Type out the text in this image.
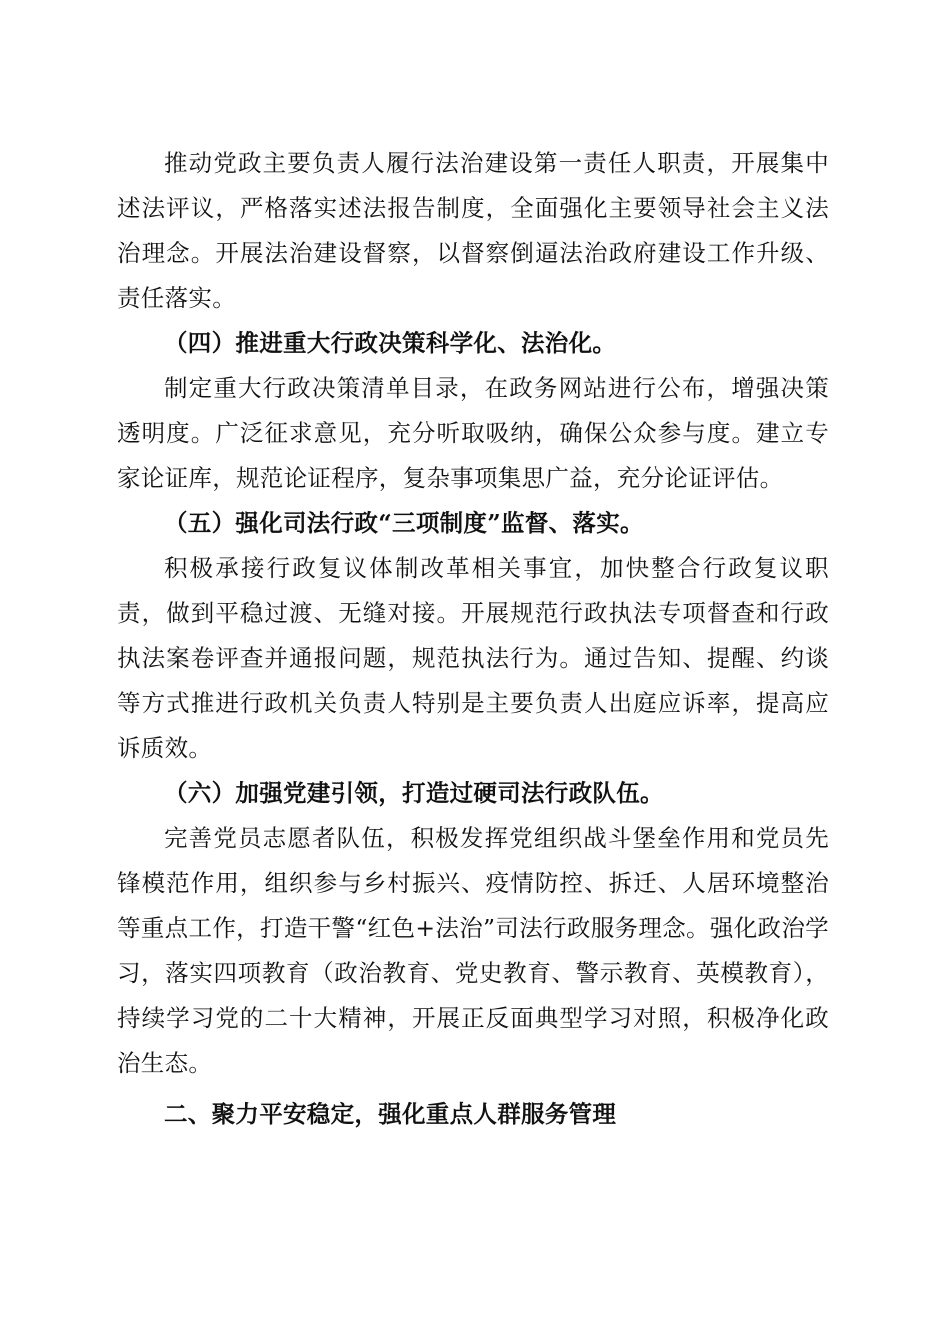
推动党政主要负责人履行法治建设第一责任人职责，开展集中述法评议，严格落实述法报告制度，全面强化主要领导社会主义法治理念。开展法治建设督察，以督察倒逼法治政府建设工作升级、责任落实。

（四）推进重大行政决策科学化、法治化。

制定重大行政决策清单目录，在政务网站进行公布，增强决策透明度。广泛征求意见，充分听取吸纳，确保公众参与度。建立专家论证库，规范论证程序，复杂事项集思广益，充分论证评估。

（五）强化司法行政“三项制度”监督、落实。

积极承接行政复议体制改革相关事宜，加快整合行政复议职责，做到平稳过渡、无缝对接。开展规范行政执法专项督查和行政执法案卷评查并通报问题，规范执法行为。通过告知、提醒、约谈等方式推进行政机关负责人特别是主要负责人出庭应诉率，提高应诉质效。

（六）加强党建引领，打造过硬司法行政队伍。

完善党员志愿者队伍，积极发挥党组织战斗堡垒作用和党员先锋模范作用，组织参与乡村振兴、疫情防控、拆迁、人居环境整治等重点工作，打造干警“红色+法治”司法行政服务理念。强化政治学习，落实四项教育（政治教育、党史教育、警示教育、英模教育），持续学习党的二十大精神，开展正反面典型学习对照，积极净化政治生态。

二、聚力平安稳定，强化重点人群服务管理
